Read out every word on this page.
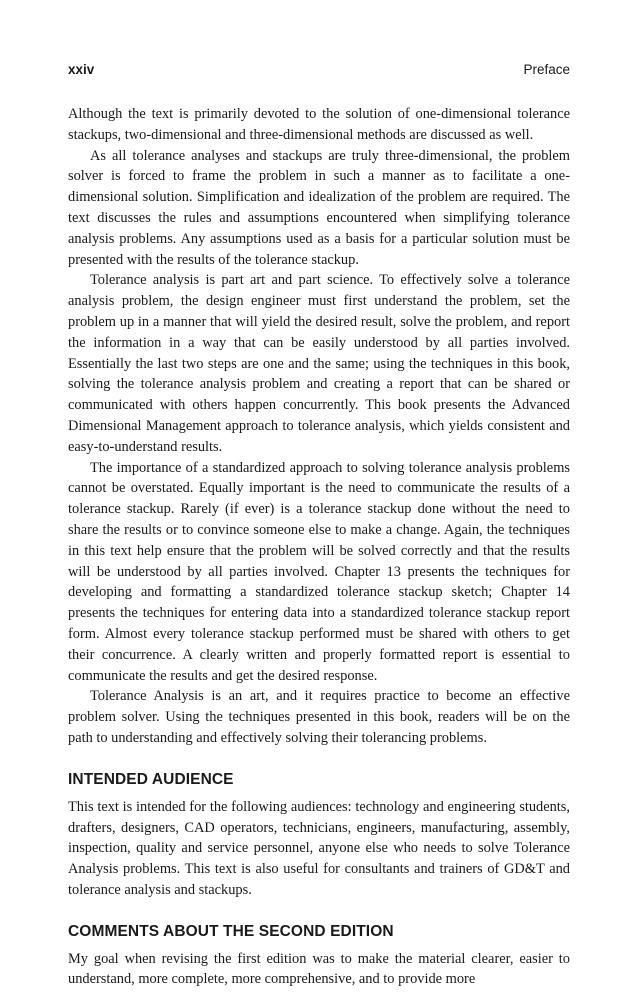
xxiv	Preface

Although the text is primarily devoted to the solution of one-dimensional tolerance stackups, two-dimensional and three-dimensional methods are discussed as well.

As all tolerance analyses and stackups are truly three-dimensional, the problem solver is forced to frame the problem in such a manner as to facilitate a one-dimensional solution. Simplification and idealization of the problem are required. The text discusses the rules and assumptions encountered when simplifying tolerance analysis problems. Any assumptions used as a basis for a particular solution must be presented with the results of the tolerance stackup.

Tolerance analysis is part art and part science. To effectively solve a tolerance analysis problem, the design engineer must first understand the problem, set the problem up in a manner that will yield the desired result, solve the problem, and report the information in a way that can be easily understood by all parties involved. Essentially the last two steps are one and the same; using the techniques in this book, solving the tolerance analysis problem and creating a report that can be shared or communicated with others happen concurrently. This book presents the Advanced Dimensional Management approach to tolerance analysis, which yields consistent and easy-to-understand results.

The importance of a standardized approach to solving tolerance analysis problems cannot be overstated. Equally important is the need to communicate the results of a tolerance stackup. Rarely (if ever) is a tolerance stackup done without the need to share the results or to convince someone else to make a change. Again, the techniques in this text help ensure that the problem will be solved correctly and that the results will be understood by all parties involved. Chapter 13 presents the techniques for developing and formatting a standardized tolerance stackup sketch; Chapter 14 presents the techniques for entering data into a standardized tolerance stackup report form. Almost every tolerance stackup performed must be shared with others to get their concurrence. A clearly written and properly formatted report is essential to communicate the results and get the desired response.

Tolerance Analysis is an art, and it requires practice to become an effective problem solver. Using the techniques presented in this book, readers will be on the path to understanding and effectively solving their tolerancing problems.

INTENDED AUDIENCE

This text is intended for the following audiences: technology and engineering students, drafters, designers, CAD operators, technicians, engineers, manufacturing, assembly, inspection, quality and service personnel, anyone else who needs to solve Tolerance Analysis problems. This text is also useful for consultants and trainers of GD&T and tolerance analysis and stackups.

COMMENTS ABOUT THE SECOND EDITION

My goal when revising the first edition was to make the material clearer, easier to understand, more complete, more comprehensive, and to provide more
